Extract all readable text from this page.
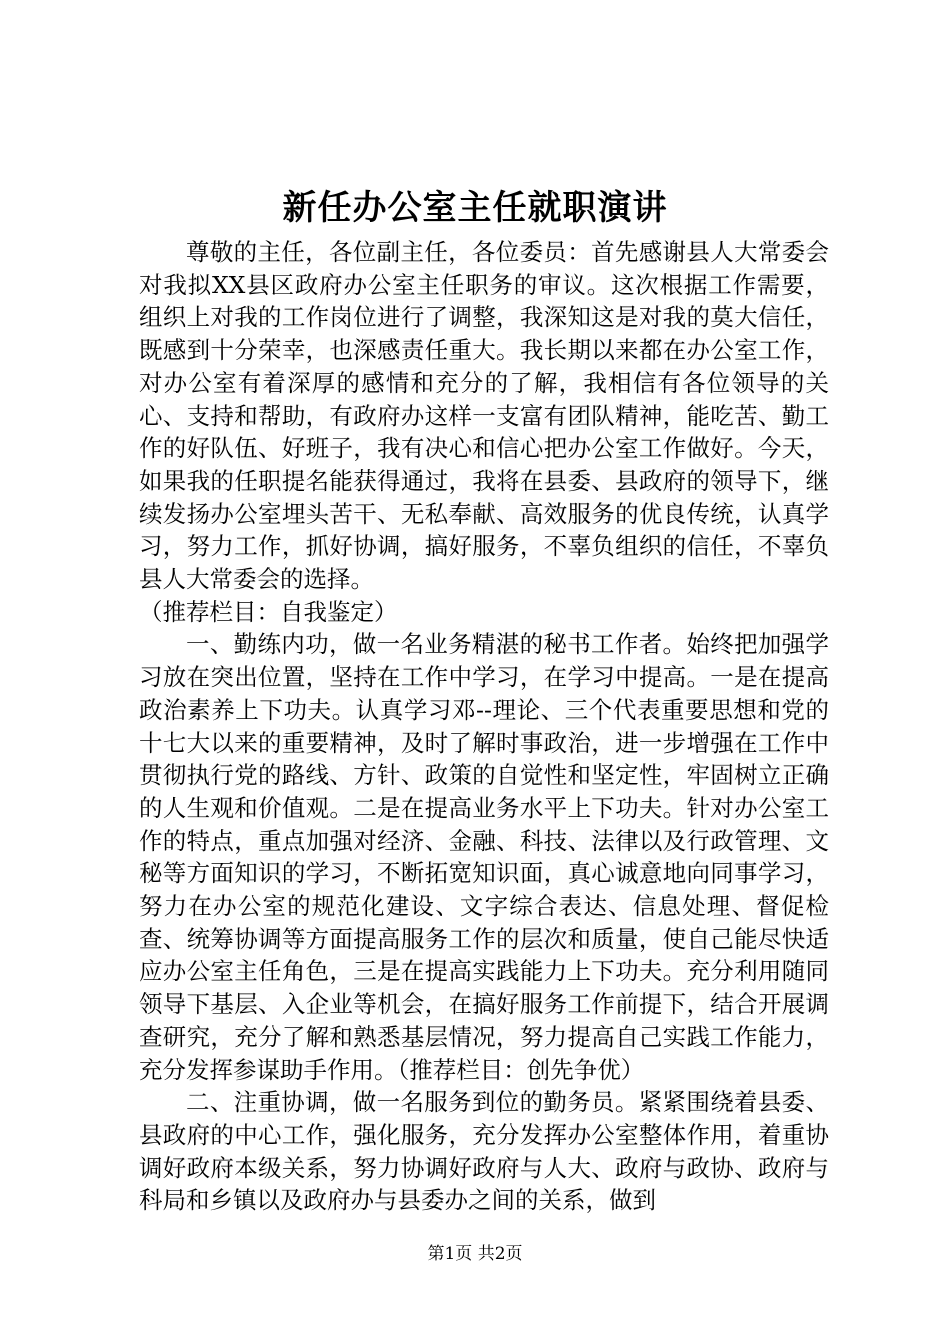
新任办公室主任就职演讲

尊敬的主任，各位副主任，各位委员：首先感谢县人大常委会对我拟XX县区政府办公室主任职务的审议。这次根据工作需要，组织上对我的工作岗位进行了调整，我深知这是对我的莫大信任，既感到十分荣幸，也深感责任重大。我长期以来都在办公室工作，对办公室有着深厚的感情和充分的了解，我相信有各位领导的关心、支持和帮助，有政府办这样一支富有团队精神，能吃苦、勤工作的好队伍、好班子，我有决心和信心把办公室工作做好。今天，如果我的任职提名能获得通过，我将在县委、县政府的领导下，继续发扬办公室埋头苦干、无私奉献、高效服务的优良传统，认真学习，努力工作，抓好协调，搞好服务，不辜负组织的信任，不辜负县人大常委会的选择。

（推荐栏目：自我鉴定）

一、勤练内功，做一名业务精湛的秘书工作者。始终把加强学习放在突出位置，坚持在工作中学习，在学习中提高。一是在提高政治素养上下功夫。认真学习邓--理论、三个代表重要思想和党的十七大以来的重要精神，及时了解时事政治，进一步增强在工作中贯彻执行党的路线、方针、政策的自觉性和坚定性，牢固树立正确的人生观和价值观。二是在提高业务水平上下功夫。针对办公室工作的特点，重点加强对经济、金融、科技、法律以及行政管理、文秘等方面知识的学习，不断拓宽知识面，真心诚意地向同事学习，努力在办公室的规范化建设、文字综合表达、信息处理、督促检查、统筹协调等方面提高服务工作的层次和质量，使自己能尽快适应办公室主任角色，三是在提高实践能力上下功夫。充分利用随同领导下基层、入企业等机会，在搞好服务工作前提下，结合开展调查研究，充分了解和熟悉基层情况，努力提高自己实践工作能力，充分发挥参谋助手作用。（推荐栏目：创先争优）

二、注重协调，做一名服务到位的勤务员。紧紧围绕着县委、县政府的中心工作，强化服务，充分发挥办公室整体作用，着重协调好政府本级关系，努力协调好政府与人大、政府与政协、政府与科局和乡镇以及政府办与县委办之间的关系，做到

第1页 共2页
